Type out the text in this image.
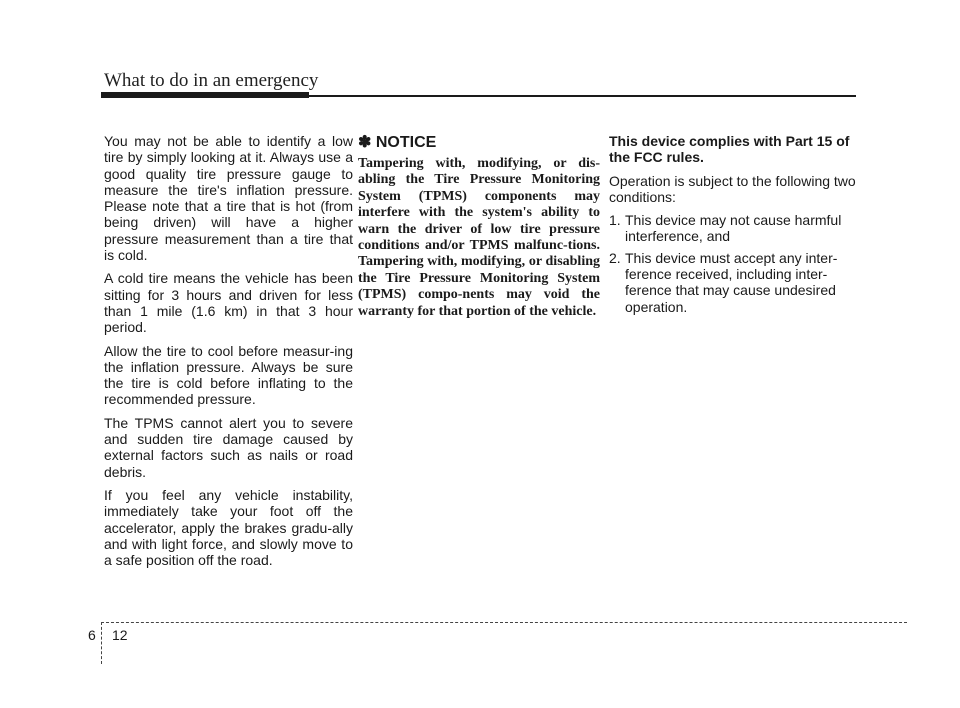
What to do in an emergency

You may not be able to identify a low tire by simply looking at it. Always use a good quality tire pressure gauge to measure the tire's inflation pressure. Please note that a tire that is hot (from being driven) will have a higher pressure measurement than a tire that is cold.

A cold tire means the vehicle has been sitting for 3 hours and driven for less than 1 mile (1.6 km) in that 3 hour period.

Allow the tire to cool before measur-ing the inflation pressure. Always be sure the tire is cold before inflating to the recommended pressure.

The TPMS cannot alert you to severe and sudden tire damage caused by external factors such as nails or road debris.

If you feel any vehicle instability, immediately take your foot off the accelerator, apply the brakes gradu-ally and with light force, and slowly move to a safe position off the road.

✽ NOTICE

Tampering with, modifying, or dis-abling the Tire Pressure Monitoring System (TPMS) components may interfere with the system's ability to warn the driver of low tire pressure conditions and/or TPMS malfunc-tions. Tampering with, modifying, or disabling the Tire Pressure Monitoring System (TPMS) compo-nents may void the warranty for that portion of the vehicle.

This device complies with Part 15 of the FCC rules.

Operation is subject to the following two conditions:

1. This device may not cause harmful interference, and
2. This device must accept any inter-ference received, including inter-ference that may cause undesired operation.
6 12
